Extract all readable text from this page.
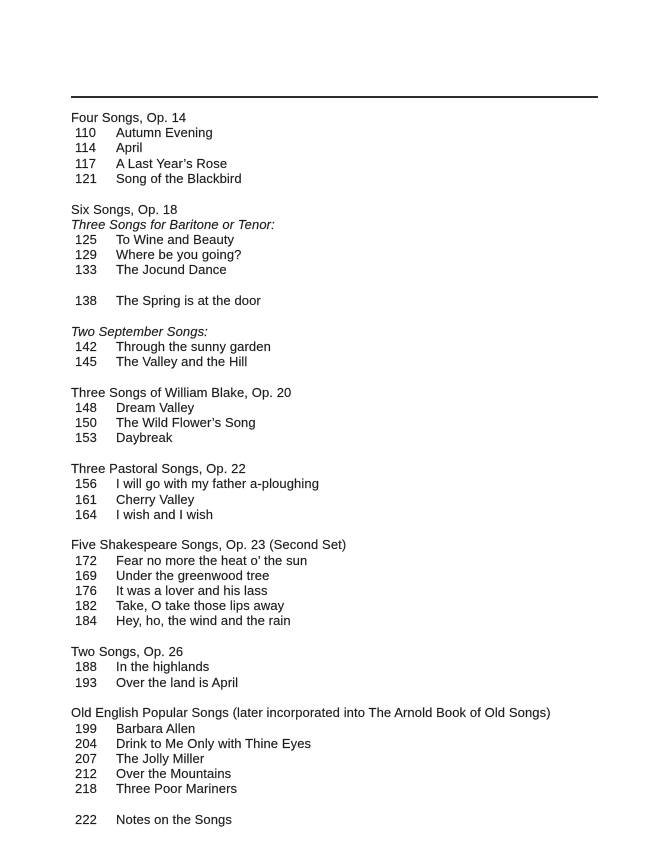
Four Songs, Op. 14
110	Autumn Evening
114	April
117	A Last Year’s Rose
121	Song of the Blackbird
Six Songs, Op. 18
Three Songs for Baritone or Tenor:
125	To Wine and Beauty
129	Where be you going?
133	The Jocund Dance
138	The Spring is at the door
Two September Songs:
142	Through the sunny garden
145	The Valley and the Hill
Three Songs of William Blake, Op. 20
148	Dream Valley
150	The Wild Flower’s Song
153	Daybreak
Three Pastoral Songs, Op. 22
156	I will go with my father a-ploughing
161	Cherry Valley
164	I wish and I wish
Five Shakespeare Songs, Op. 23 (Second Set)
172	Fear no more the heat o’ the sun
169	Under the greenwood tree
176	It was a lover and his lass
182	Take, O take those lips away
184	Hey, ho, the wind and the rain
Two Songs, Op. 26
188	In the highlands
193	Over the land is April
Old English Popular Songs (later incorporated into The Arnold Book of Old Songs)
199	Barbara Allen
204	Drink to Me Only with Thine Eyes
207	The Jolly Miller
212	Over the Mountains
218	Three Poor Mariners
222	Notes on the Songs
